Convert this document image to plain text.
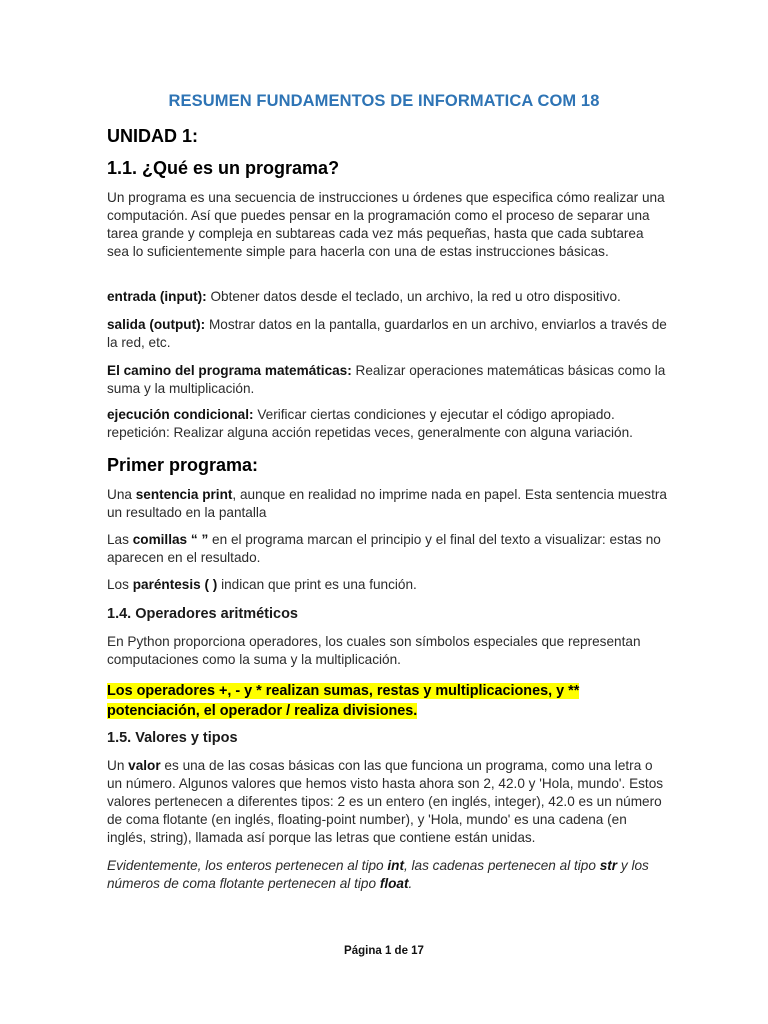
RESUMEN FUNDAMENTOS DE INFORMATICA COM 18
UNIDAD 1:
1.1. ¿Qué es un programa?
Un programa es una secuencia de instrucciones u órdenes que especifica cómo realizar una computación. Así que puedes pensar en la programación como el proceso de separar una tarea grande y compleja en subtareas cada vez más pequeñas, hasta que cada subtarea sea lo suficientemente simple para hacerla con una de estas instrucciones básicas.
entrada (input): Obtener datos desde el teclado, un archivo, la red u otro dispositivo.
salida (output): Mostrar datos en la pantalla, guardarlos en un archivo, enviarlos a través de la red, etc.
El camino del programa matemáticas: Realizar operaciones matemáticas básicas como la suma y la multiplicación.
ejecución condicional: Verificar ciertas condiciones y ejecutar el código apropiado. repetición: Realizar alguna acción repetidas veces, generalmente con alguna variación.
Primer programa:
Una sentencia print, aunque en realidad no imprime nada en papel. Esta sentencia muestra un resultado en la pantalla
Las comillas “ ” en el programa marcan el principio y el final del texto a visualizar: estas no aparecen en el resultado.
Los paréntesis ( ) indican que print es una función.
1.4. Operadores aritméticos
En Python proporciona operadores, los cuales son símbolos especiales que representan computaciones como la suma y la multiplicación.
Los operadores +, - y * realizan sumas, restas y multiplicaciones, y **
potenciación, el operador / realiza divisiones.
1.5. Valores y tipos
Un valor es una de las cosas básicas con las que funciona un programa, como una letra o un número. Algunos valores que hemos visto hasta ahora son 2, 42.0 y 'Hola, mundo'. Estos valores pertenecen a diferentes tipos: 2 es un entero (en inglés, integer), 42.0 es un número de coma flotante (en inglés, floating-point number), y 'Hola, mundo' es una cadena (en inglés, string), llamada así porque las letras que contiene están unidas.
Evidentemente, los enteros pertenecen al tipo int, las cadenas pertenecen al tipo str y los números de coma flotante pertenecen al tipo float.
Página 1 de 17
